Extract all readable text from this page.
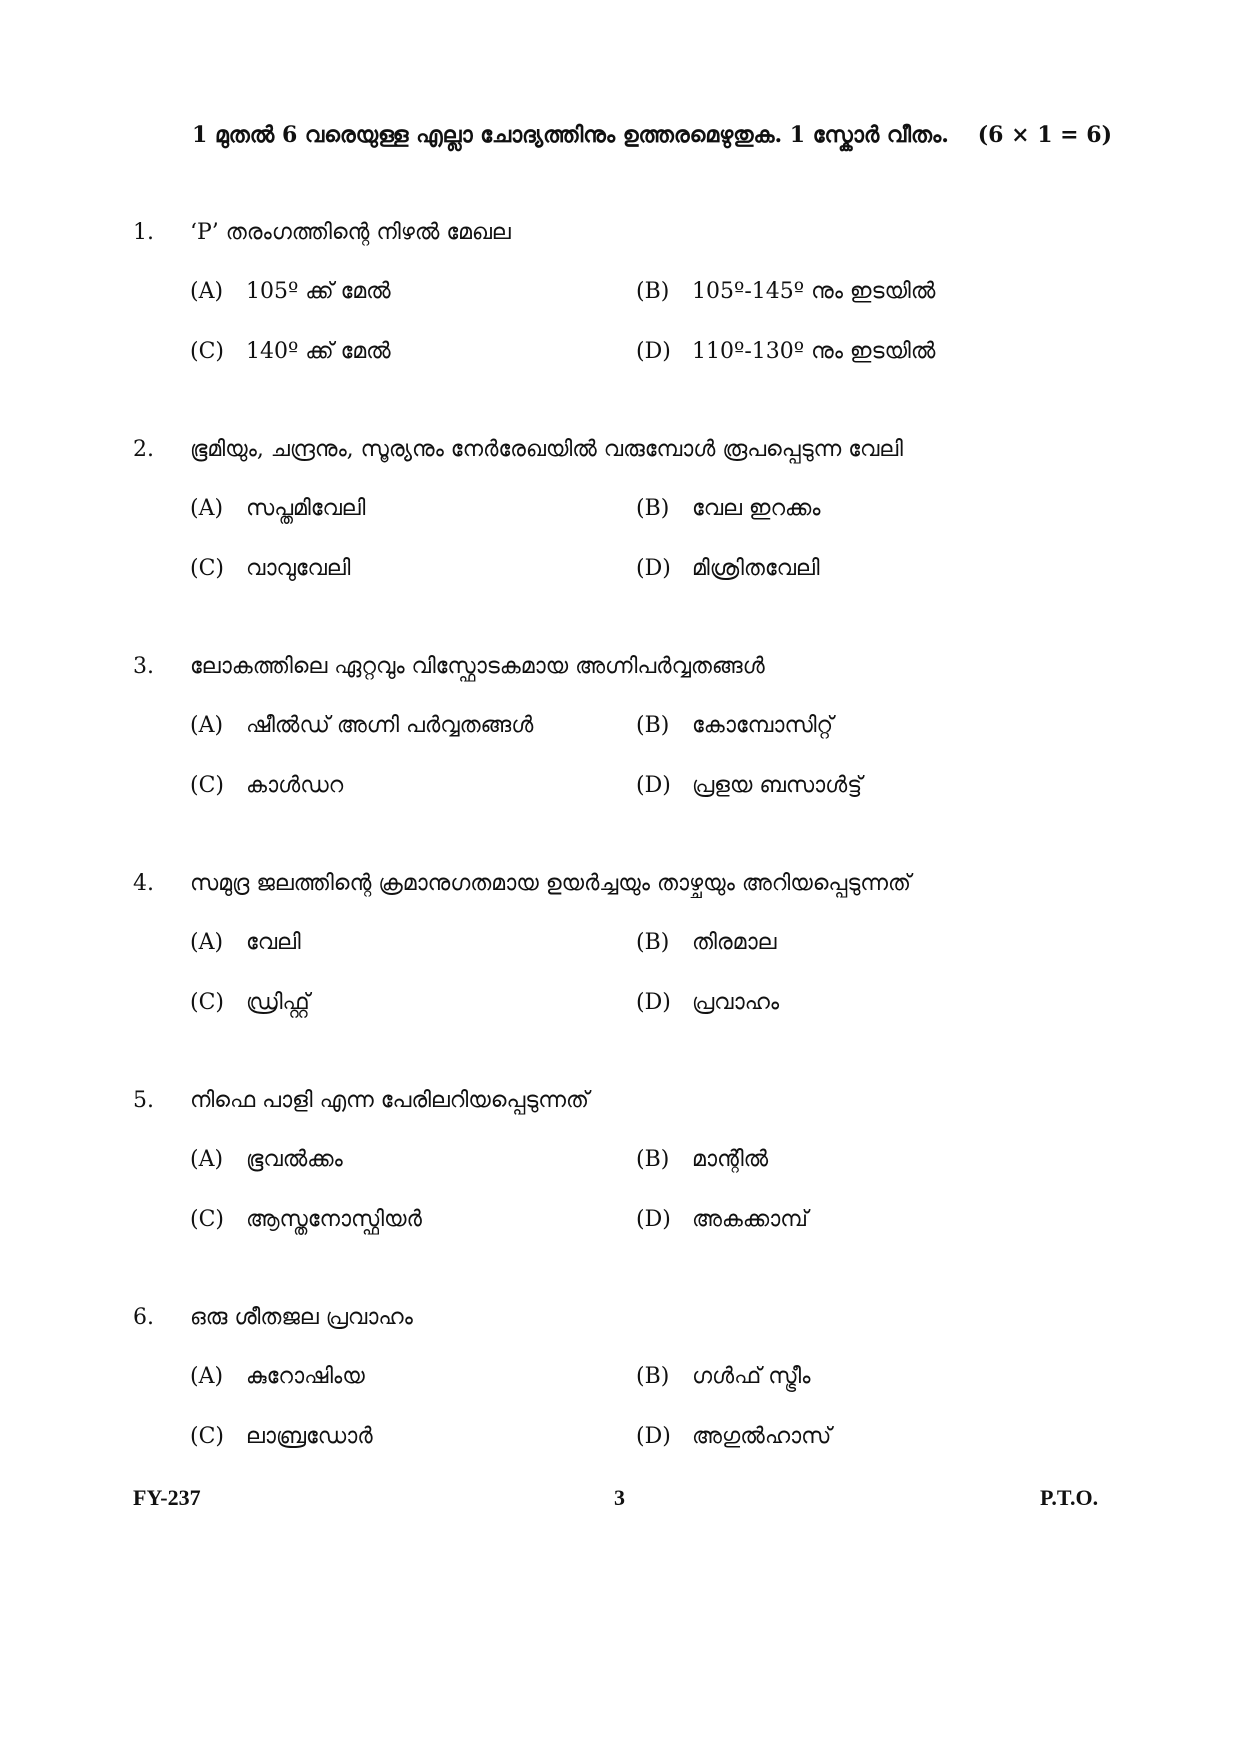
1 മുതൽ 6 വരെയുള്ള എല്ലാ ചോദ്യത്തിനും ഉത്തരമെഴുതുക. 1 സ്കോർ വീതം. (6 × 1 = 6)
1. ‘P’ തരംഗത്തിന്റെ നിഴൽ മേഖല
(A) 105º ക്ക് മേൽ	(B) 105º-145º നും ഇടയിൽ
(C) 140º ക്ക് മേൽ	(D) 110º-130º നും ഇടയിൽ
2. ഭൂമിയും, ചന്ദ്രനും, സൂര്യനും നേർരേഖയിൽ വരുമ്പോൾ രൂപപ്പെടുന്ന വേലി
(A) സപ്തമിവേലി	(B) വേല ഇറക്കം
(C) വാവുവേലി	(D) മിശ്രിതവേലി
3. ലോകത്തിലെ ഏറ്റവും വിസ്ഫോടകമായ അഗ്നിപർവ്വതങ്ങൾ
(A) ഷീൽഡ് അഗ്നി പർവ്വതങ്ങൾ	(B) കോമ്പോസിറ്റ്
(C) കാൾഡറ	(D) പ്രളയ ബസാൾട്ട്
4. സമുദ്ര ജലത്തിന്റെ ക്രമാനുഗതമായ ഉയർച്ചയും താഴ്ചയും അറിയപ്പെടുന്നത്
(A) വേലി	(B) തിരമാല
(C) ഡ്രിഫ്റ്റ്	(D) പ്രവാഹം
5. നിഫെ പാളി എന്ന പേരിലറിയപ്പെടുന്നത്
(A) ഭൂവൽക്കം	(B) മാന്റിൽ
(C) ആസ്തനോസ്ഫിയർ	(D) അകക്കാമ്പ്
6. ഒരു ശീതജല പ്രവാഹം
(A) കുറോഷിംയ	(B) ഗൾഫ് സ്ട്രീം
(C) ലാബ്രഡോർ	(D) അഗുൽഹാസ്
FY-237	3	P.T.O.
